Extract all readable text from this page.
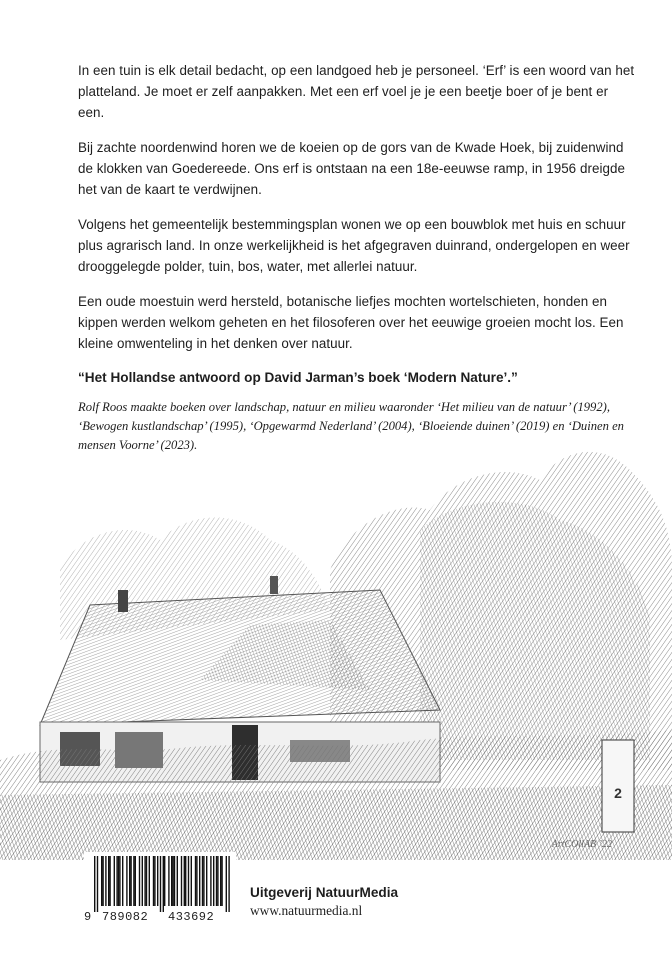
In een tuin is elk detail bedacht, op een landgoed heb je personeel. ‘Erf’ is een woord van het platteland. Je moet er zelf aanpakken. Met een erf voel je je een beetje boer of je bent er een.

Bij zachte noordenwind horen we de koeien op de gors van de Kwade Hoek, bij zuidenwind de klokken van Goedereede. Ons erf is ontstaan na een 18e-eeuwse ramp, in 1956 dreigde het van de kaart te verdwijnen.

Volgens het gemeentelijk bestemmingsplan wonen we op een bouwblok met huis en schuur plus agrarisch land. In onze werkelijkheid is het afgegraven duinrand, ondergelopen en weer drooggelegde polder, tuin, bos, water, met allerlei natuur.

Een oude moestuin werd hersteld, botanische liefjes mochten wortelschieten, honden en kippen werden welkom geheten en het filosoferen over het eeuwige groeien mocht los. Een kleine omwenteling in het denken over natuur.

“Het Hollandse antwoord op David Jarman’s boek ‘Modern Nature’.”

Rolf Roos maakte boeken over landschap, natuur en milieu waaronder ‘Het milieu van de natuur’ (1992), ‘Bewogen kustlandschap’ (1995), ‘Opgewarmd Nederland’ (2004), ‘Bloeiende duinen’ (2019) en ‘Duinen en mensen Voorne’ (2023).

2
ArtCOllAB ’22
9 789082 433692
Uitgeverij NatuurMedia
www.natuurmedia.nl
